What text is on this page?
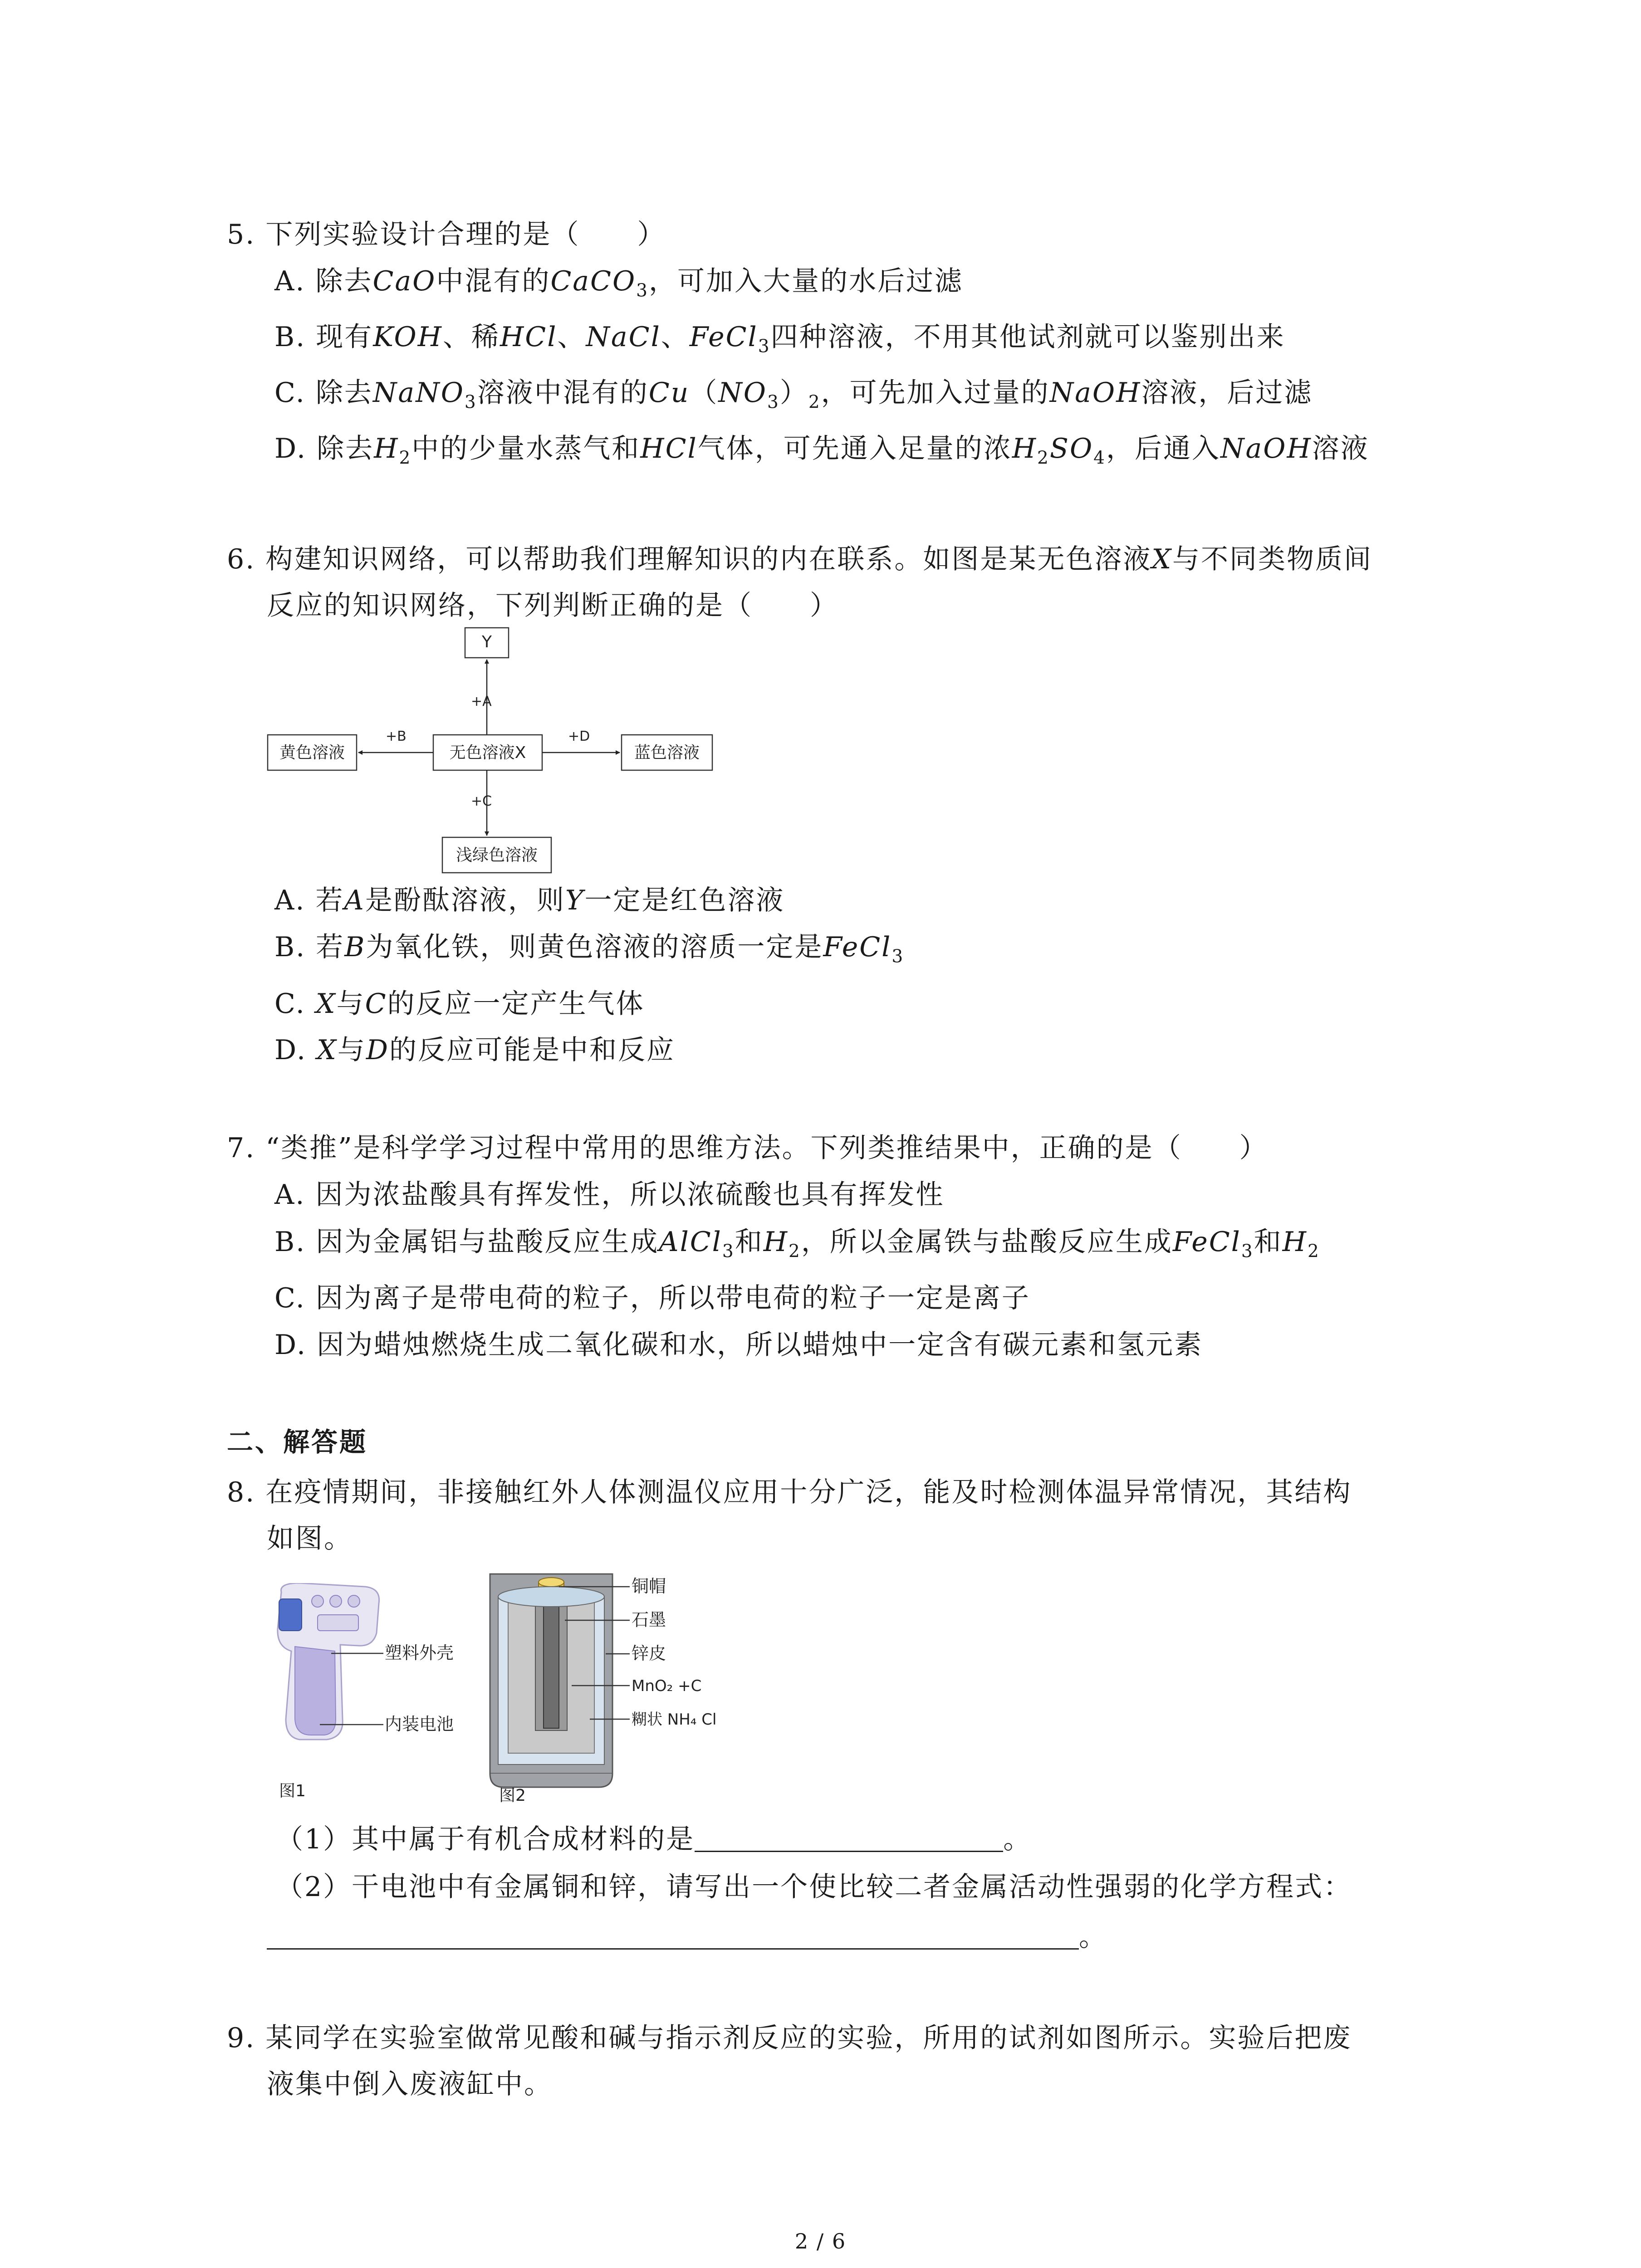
5. 下列实验设计合理的是（　　）
A. 除去CaO中混有的CaCO$_3$，可加入大量的水后过滤
B. 现有KOH、稀HCl、NaCl、FeCl$_3$四种溶液，不用其他试剂就可以鉴别出来
C. 除去NaNO$_3$溶液中混有的$Cu(NO_3)_2$，可先加入过量的NaOH溶液，后过滤
D. 除去$H_2$中的少量水蒸气和HCl气体，可先通入足量的浓$H_2SO_4$，后通入NaOH溶液
6. 构建知识网络，可以帮助我们理解知识的内在联系。如图是某无色溶液X与不同类物质间
反应的知识网络，下列判断正确的是（　　）
Y
+A
无色溶液X
黄色溶液
+B
蓝色溶液
+D
+C
浅绿色溶液
A. 若A是酚酞溶液，则Y一定是红色溶液
B. 若B为氧化铁，则黄色溶液的溶质一定是FeCl$_3$
C. X与C的反应一定产生气体
D. X与D的反应可能是中和反应
7. “类推”是科学学习过程中常用的思维方法。下列类推结果中，正确的是（　　）
A. 因为浓盐酸具有挥发性，所以浓硫酸也具有挥发性
B. 因为金属铝与盐酸反应生成AlCl$_3$和$H_2$，所以金属铁与盐酸反应生成FeCl$_3$和$H_2$
C. 因为离子是带电荷的粒子，所以带电荷的粒子一定是离子
D. 因为蜡烛燃烧生成二氧化碳和水，所以蜡烛中一定含有碳元素和氢元素
二、解答题
8. 在疫情期间，非接触红外人体测温仪应用十分广泛，能及时检测体温异常情况，其结构
如图。
塑料外壳
内装电池
图1
铜帽
石墨
锌皮
MnO₂ +C
糊状 NH₄ Cl
图2
（1）其中属于有机合成材料的是	。
（2）干电池中有金属铜和锌，请写出一个使比较二者金属活动性强弱的化学方程式：
。
9. 某同学在实验室做常见酸和碱与指示剂反应的实验，所用的试剂如图所示。实验后把废
液集中倒入废液缸中。
2 / 6
